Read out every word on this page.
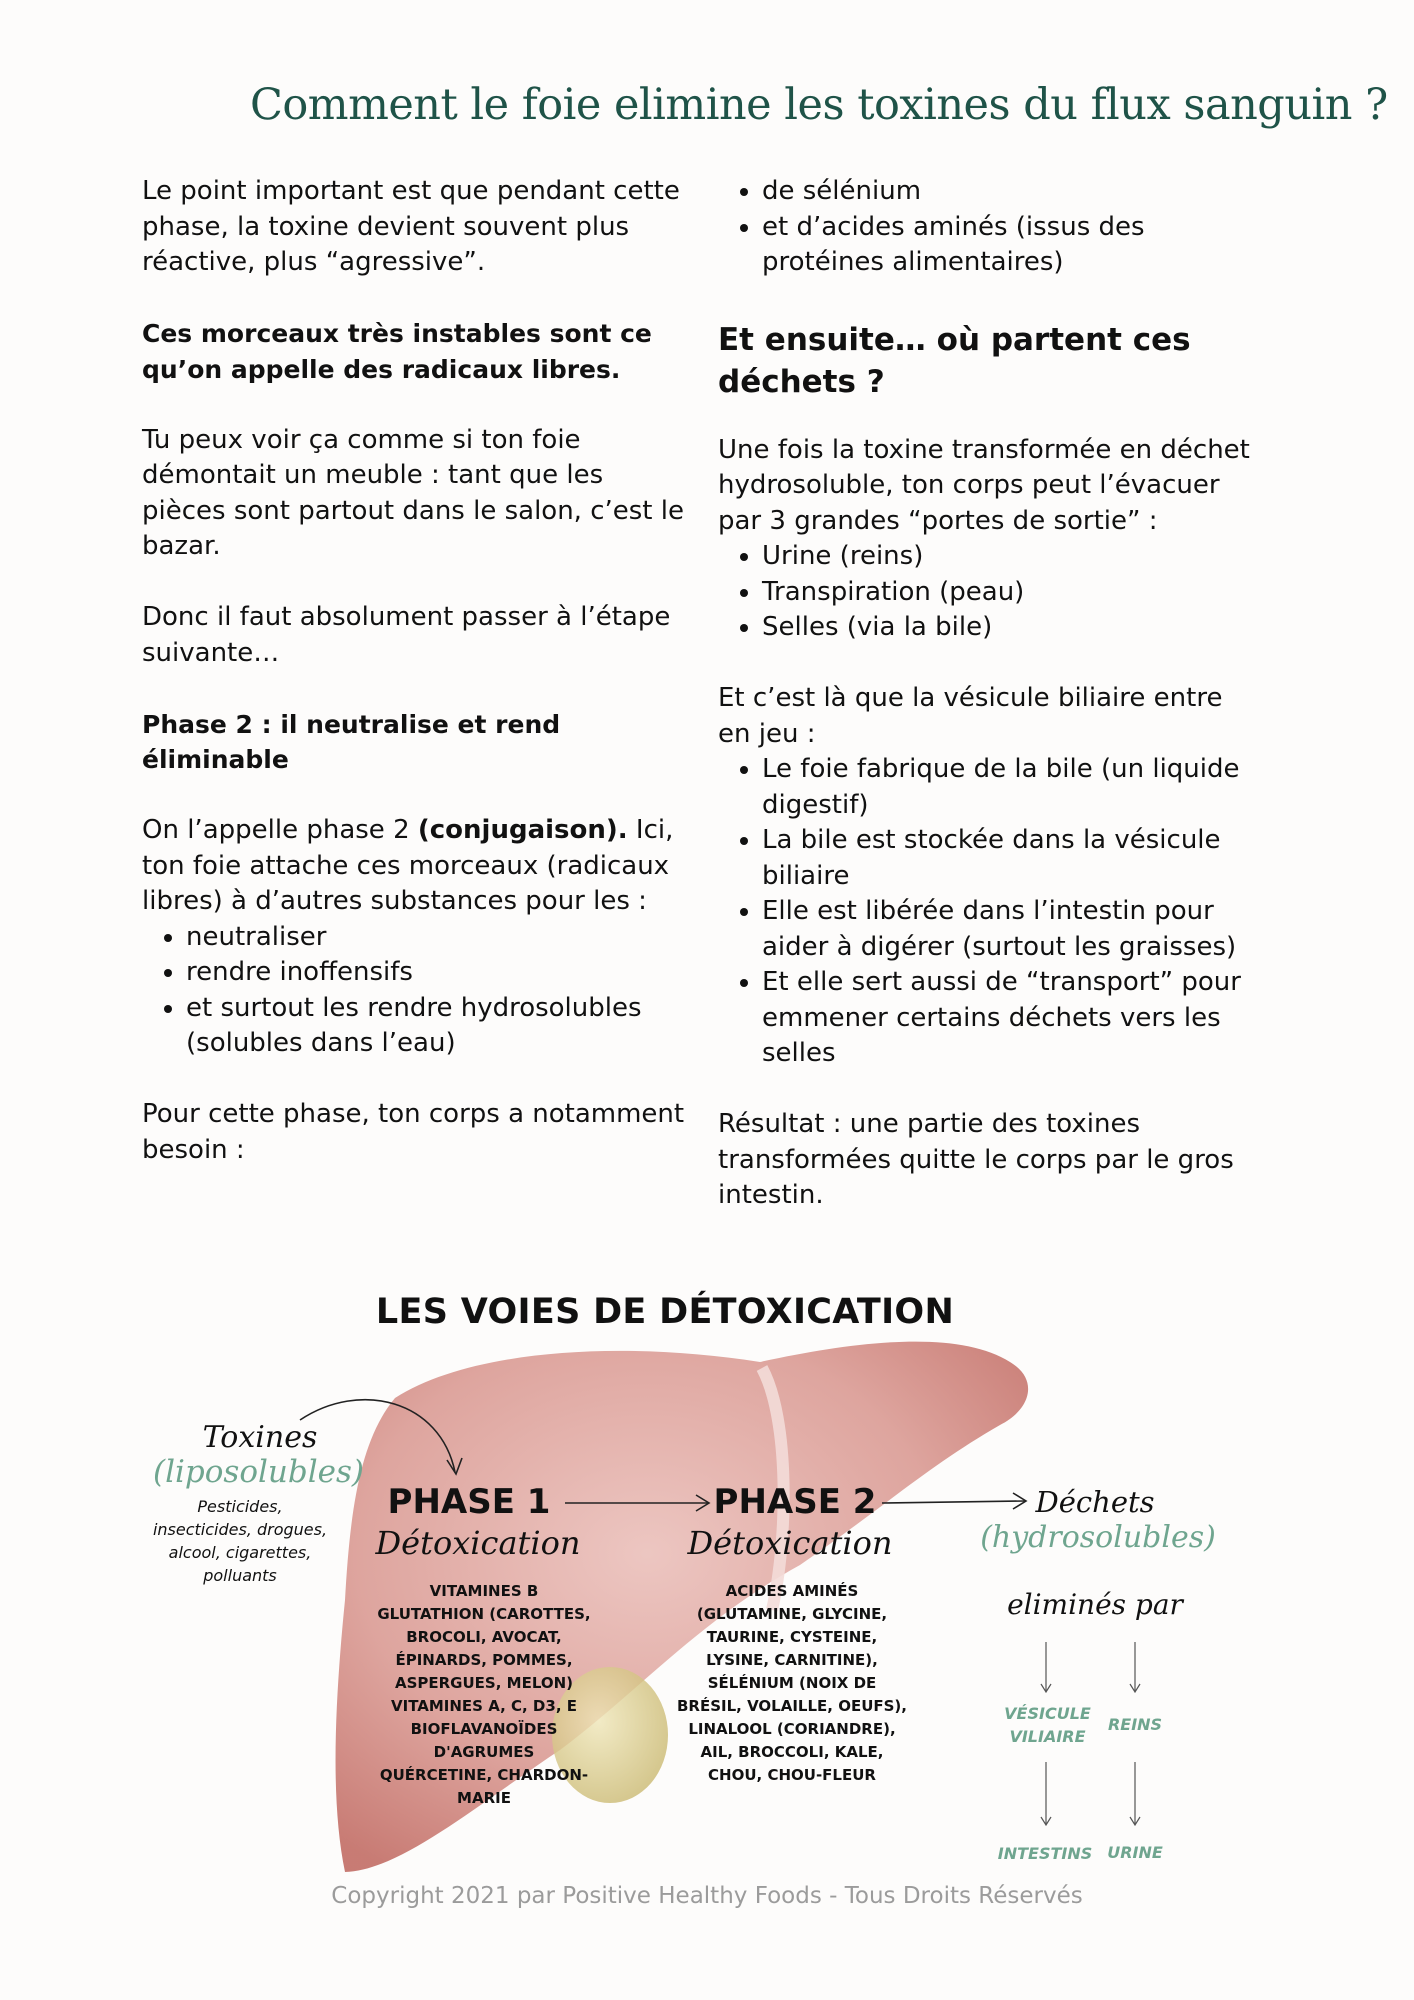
Comment le foie elimine les toxines du flux sanguin ?

Le point important est que pendant cette phase, la toxine devient souvent plus réactive, plus “agressive”.

Ces morceaux très instables sont ce qu’on appelle des radicaux libres.

Tu peux voir ça comme si ton foie démontait un meuble : tant que les pièces sont partout dans le salon, c’est le bazar.

Donc il faut absolument passer à l’étape suivante…

Phase 2 : il neutralise et rend éliminable

On l’appelle phase 2 (conjugaison). Ici, ton foie attache ces morceaux (radicaux libres) à d’autres substances pour les :

• neutraliser
• rendre inoffensifs
• et surtout les rendre hydrosolubles (solubles dans l’eau)

Pour cette phase, ton corps a notamment besoin :

• de sélénium
• et d’acides aminés (issus des protéines alimentaires)
Et ensuite… où partent ces déchets ?

Une fois la toxine transformée en déchet hydrosoluble, ton corps peut l’évacuer par 3 grandes “portes de sortie” :

• Urine (reins)
• Transpiration (peau)
• Selles (via la bile)

Et c’est là que la vésicule biliaire entre en jeu :

• Le foie fabrique de la bile (un liquide digestif)
• La bile est stockée dans la vésicule biliaire
• Elle est libérée dans l’intestin pour aider à digérer (surtout les graisses)
• Et elle sert aussi de “transport” pour emmener certains déchets vers les selles

Résultat : une partie des toxines transformées quitte le corps par le gros intestin.

LES VOIES DE DÉTOXICATION
Toxines
(liposolubles)
Pesticides,
insecticides, drogues,
alcool, cigarettes,
polluants
PHASE 1
Détoxication
VITAMINES B
GLUTATHION (CAROTTES,
BROCOLI, AVOCAT,
ÉPINARDS, POMMES,
ASPERGUES, MELON)
VITAMINES A, C, D3, E
BIOFLAVANOÏDES
D'AGRUMES
QUÉRCETINE, CHARDON-
MARIE
PHASE 2
Détoxication
ACIDES AMINÉS
(GLUTAMINE, GLYCINE,
TAURINE, CYSTEINE,
LYSINE, CARNITINE),
SÉLÉNIUM (NOIX DE
BRÉSIL, VOLAILLE, OEUFS),
LINALOOL (CORIANDRE),
AIL, BROCCOLI, KALE,
CHOU, CHOU-FLEUR
Déchets
(hydrosolubles)
eliminés par
VÉSICULE
VILIAIRE
REINS
INTESTINS URINE
Copyright 2021 par Positive Healthy Foods - Tous Droits Réservés
